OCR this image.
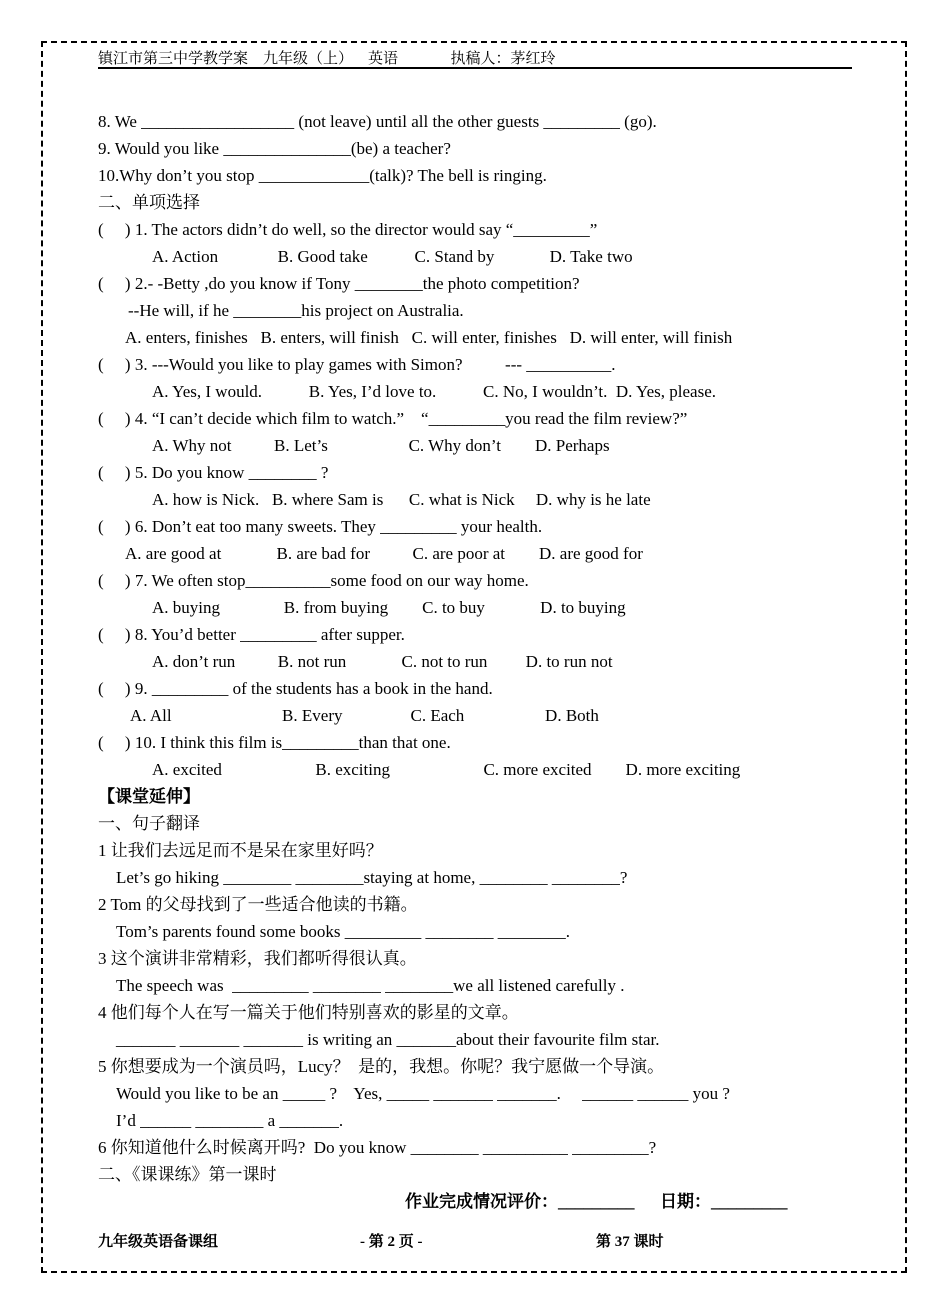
镇江市第三中学教学案    九年级（上）    英语              执稿人：茅红玲
8. We __________________ (not leave) until all the other guests _________ (go).
9. Would you like _______________(be) a teacher?
10.Why don’t you stop _____________(talk)? The bell is ringing.
二、单项选择
(     ) 1. The actors didn’t do well, so the director would say “_________”
A. Action              B. Good take           C. Stand by             D. Take two
(     ) 2.- -Betty ,do you know if Tony ________the photo competition?
--He will, if he ________his project on Australia.
A. enters, finishes   B. enters, will finish   C. will enter, finishes   D. will enter, will finish
(     ) 3. ---Would you like to play games with Simon?          --- __________.
A. Yes, I would.           B. Yes, I’d love to.           C. No, I wouldn’t.  D. Yes, please.
(     ) 4. “I can’t decide which film to watch.”    “_________you read the film review?”
A. Why not          B. Let’s                   C. Why don’t        D. Perhaps
(     ) 5. Do you know ________ ?
A. how is Nick.   B. where Sam is      C. what is Nick     D. why is he late
(     ) 6. Don’t eat too many sweets. They _________ your health.
A. are good at             B. are bad for          C. are poor at        D. are good for
(     ) 7. We often stop__________some food on our way home.
A. buying               B. from buying        C. to buy             D. to buying
(     ) 8. You’d better _________ after supper.
A. don’t run          B. not run             C. not to run         D. to run not
(     ) 9. _________ of the students has a book in the hand.
A. All                          B. Every                C. Each                   D. Both
(     ) 10. I think this film is_________than that one.
A. excited                      B. exciting                      C. more excited        D. more exciting
【课堂延伸】
一、句子翻译
1 让我们去远足而不是呆在家里好吗？
Let’s go hiking ________ ________staying at home, ________ ________?
2 Tom 的父母找到了一些适合他读的书籍。
Tom’s parents found some books _________ ________ ________.
3 这个演讲非常精彩，我们都听得很认真。
The speech was  _________ ________ ________we all listened carefully .
4 他们每个人在写一篇关于他们特别喜欢的影星的文章。
_______ _______ _______ is writing an _______about their favourite film star.
5 你想要成为一个演员吗，Lucy？  是的，我想。你呢？我宁愿做一个导演。
Would you like to be an _____ ?    Yes, _____ _______ _______.     ______ ______ you ?
I’d ______ ________ a _______.
6 你知道他什么时候离开吗?  Do you know ________ __________ _________?
二、《课课练》第一课时
作业完成情况评价：_________      日期：_________
九年级英语备课组	- 第 2 页 -	第 37 课时
